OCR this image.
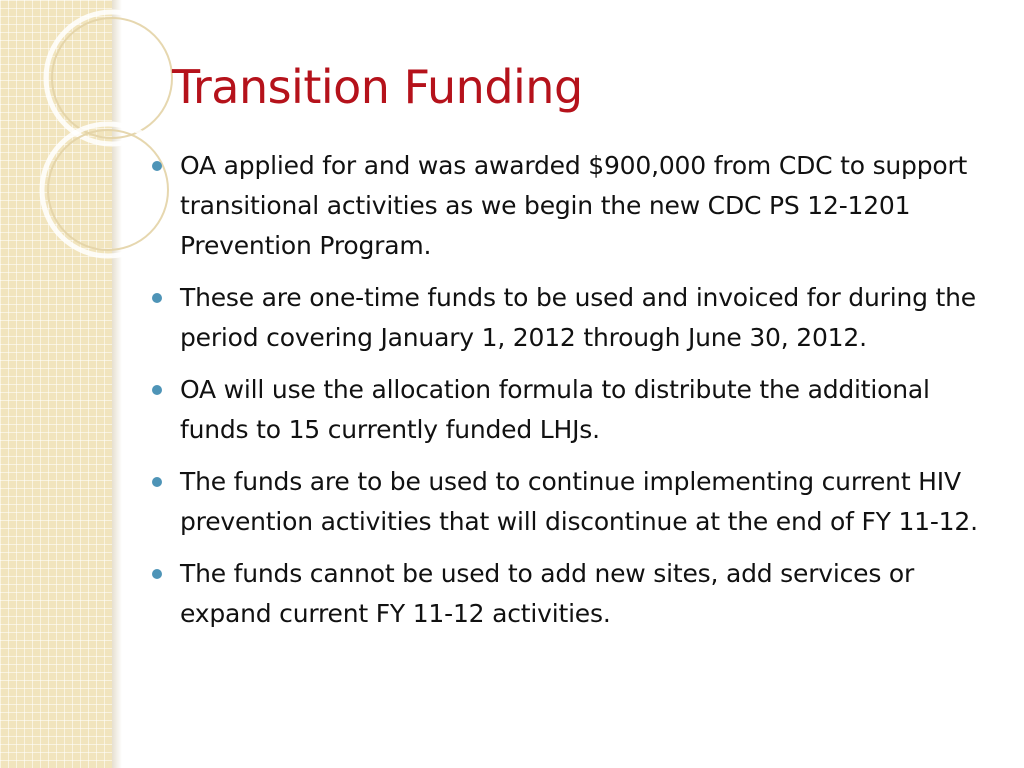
Transition Funding
OA applied for and was awarded $900,000 from CDC to support transitional activities as we begin the new CDC PS 12-1201 Prevention Program.
These are one-time funds to be used and invoiced for during the period covering January 1, 2012 through June 30, 2012.
OA will use the allocation formula to distribute the additional funds to 15 currently funded LHJs.
The funds are to be used to continue implementing current HIV prevention activities that will discontinue at the end of FY 11-12.
The funds cannot be used to add new sites, add services or expand current FY 11-12 activities.
